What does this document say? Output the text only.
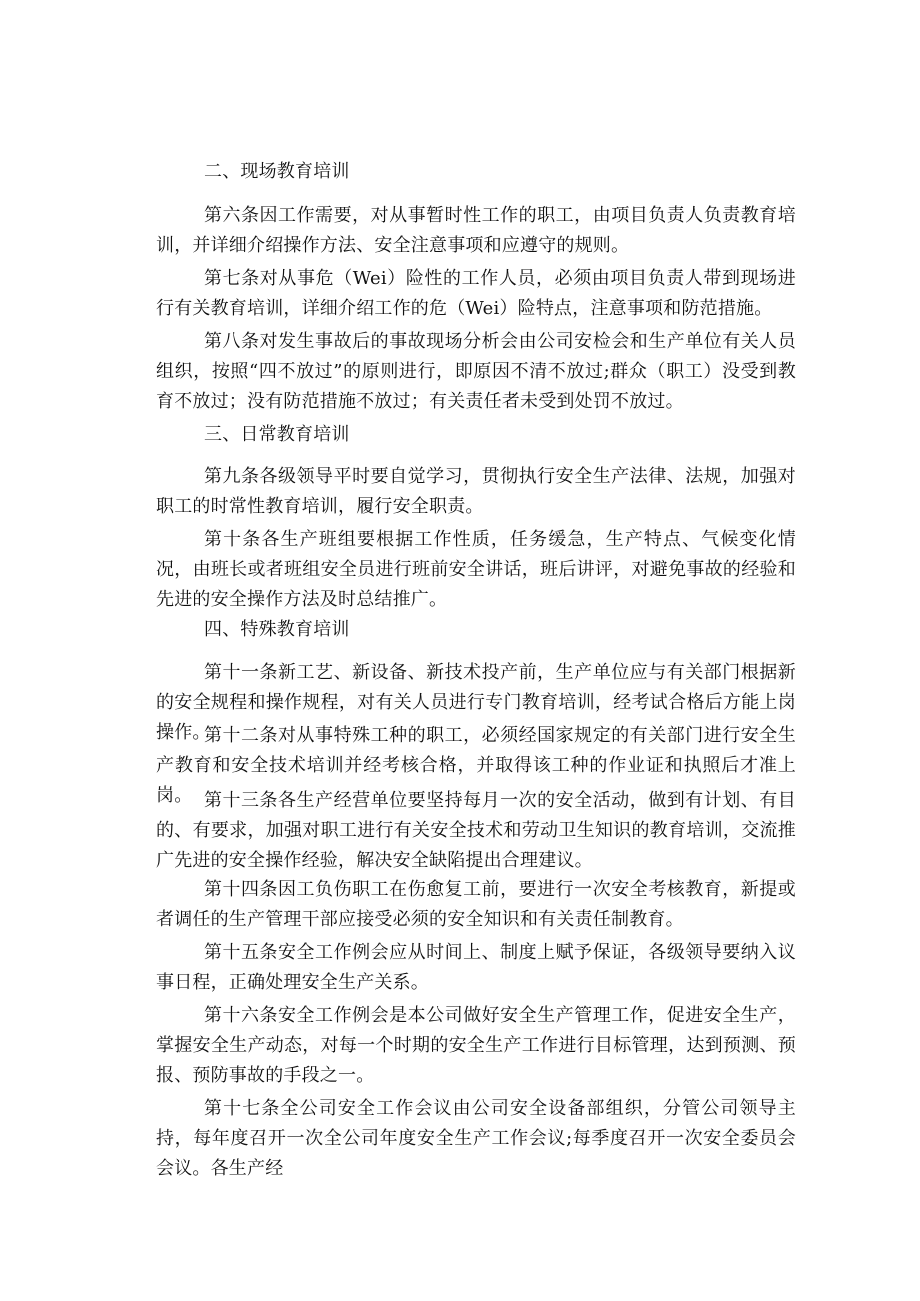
二、现场教育培训

第六条因工作需要，对从事暂时性工作的职工，由项目负责人负责教育培训，并详细介绍操作方法、安全注意事项和应遵守的规则。

第七条对从事危（Wei）险性的工作人员，必须由项目负责人带到现场进行有关教育培训，详细介绍工作的危（Wei）险特点，注意事项和防范措施。

第八条对发生事故后的事故现场分析会由公司安检会和生产单位有关人员组织，按照“四不放过”的原则进行，即原因不清不放过;群众（职工）没受到教育不放过；没有防范措施不放过；有关责任者未受到处罚不放过。

三、日常教育培训

第九条各级领导平时要自觉学习，贯彻执行安全生产法律、法规，加强对职工的时常性教育培训，履行安全职责。

第十条各生产班组要根据工作性质，任务缓急，生产特点、气候变化情况，由班长或者班组安全员进行班前安全讲话，班后讲评，对避免事故的经验和先进的安全操作方法及时总结推广。

四、特殊教育培训

第十一条新工艺、新设备、新技术投产前，生产单位应与有关部门根据新的安全规程和操作规程，对有关人员进行专门教育培训，经考试合格后方能上岗操作。

第十二条对从事特殊工种的职工，必须经国家规定的有关部门进行安全生产教育和安全技术培训并经考核合格，并取得该工种的作业证和执照后才准上岗。 第十三条各生产经营单位要坚持每月一次的安全活动，做到有计划、有目的、有要求，加强对职工进行有关安全技术和劳动卫生知识的教育培训，交流推广先进的安全操作经验，解决安全缺陷提出合理建议。

第十四条因工负伤职工在伤愈复工前，要进行一次安全考核教育，新提或者调任的生产管理干部应接受必须的安全知识和有关责任制教育。

第十五条安全工作例会应从时间上、制度上赋予保证，各级领导要纳入议事日程，正确处理安全生产关系。

第十六条安全工作例会是本公司做好安全生产管理工作，促进安全生产，掌握安全生产动态，对每一个时期的安全生产工作进行目标管理，达到预测、预报、预防事故的手段之一。

第十七条全公司安全工作会议由公司安全设备部组织，分管公司领导主持，每年度召开一次全公司年度安全生产工作会议;每季度召开一次安全委员会会议。各生产经
